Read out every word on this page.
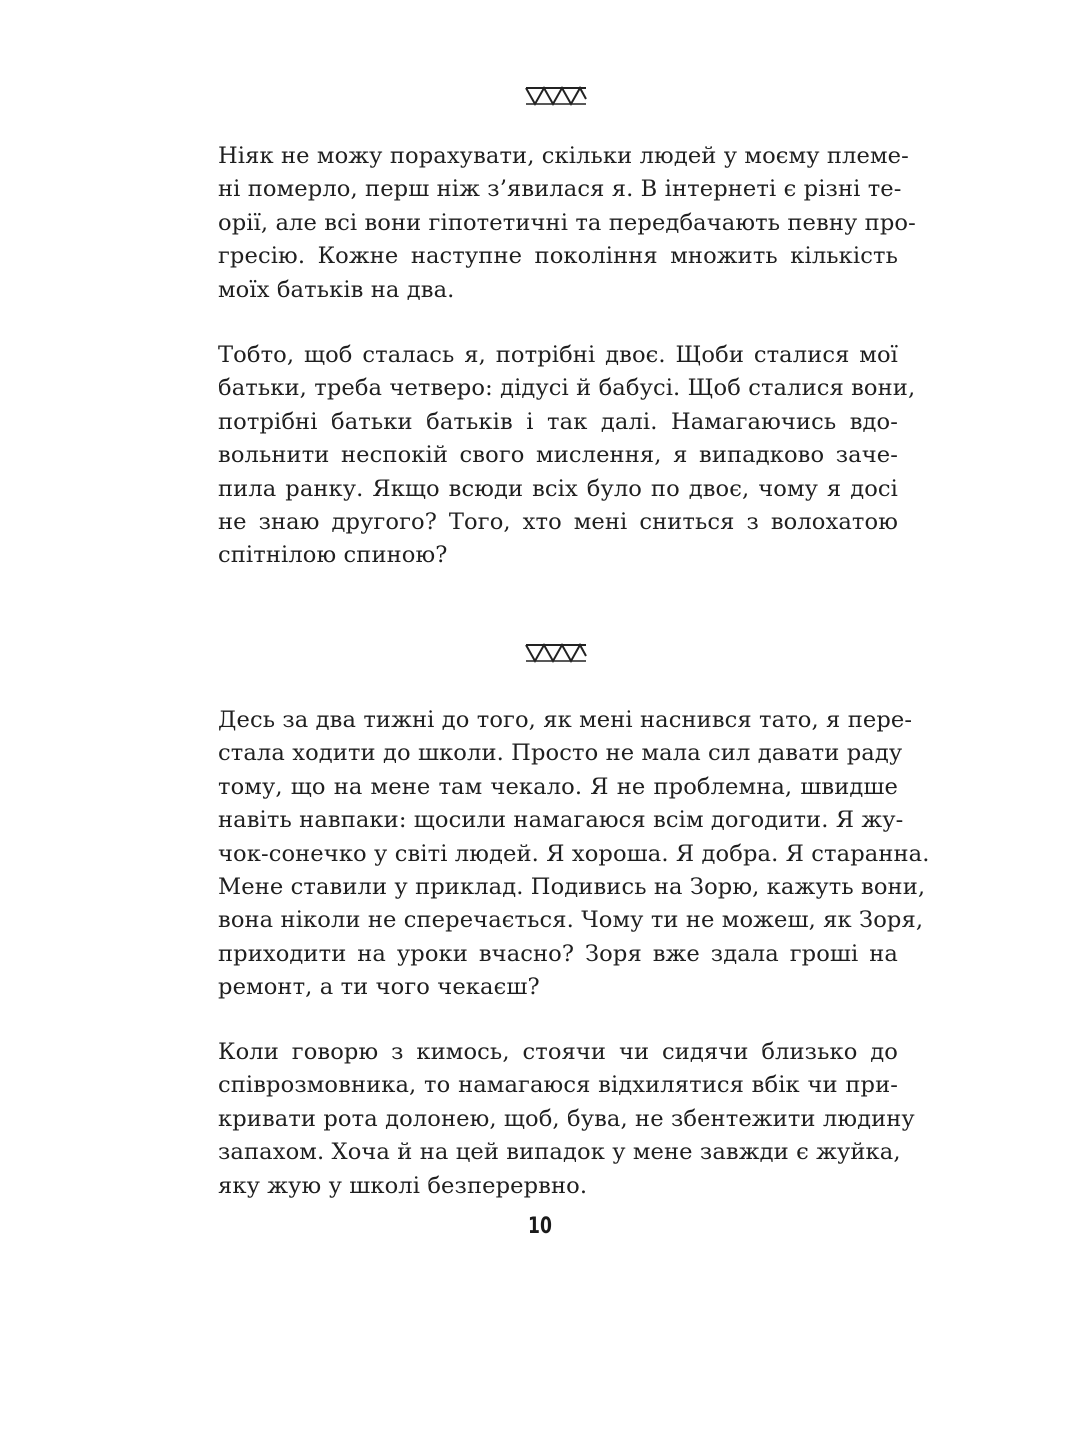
Ніяк не можу порахувати, скільки людей у моєму племе-
ні померло, перш ніж з’явилася я. В інтернеті є різні те-
орії, але всі вони гіпотетичні та передбачають певну про-
гресію. Кожне наступне покоління множить кількість
моїх батьків на два.

Тобто, щоб сталась я, потрібні двоє. Щоби сталися мої
батьки, треба четверо: дідусі й бабусі. Щоб сталися вони,
потрібні батьки батьків і так далі. Намагаючись вдо-
вольнити неспокій свого мислення, я випадково заче-
пила ранку. Якщо всюди всіх було по двоє, чому я досі
не знаю другого? Того, хто мені сниться з волохатою
спітнілою спиною?

Десь за два тижні до того, як мені наснився тато, я пере-
стала ходити до школи. Просто не мала сил давати раду
тому, що на мене там чекало. Я не проблемна, швидше
навіть навпаки: щосили намагаюся всім догодити. Я жу-
чок-сонечко у світі людей. Я хороша. Я добра. Я старанна.
Мене ставили у приклад. Подивись на Зорю, кажуть вони,
вона ніколи не сперечається. Чому ти не можеш, як Зоря,
приходити на уроки вчасно? Зоря вже здала гроші на
ремонт, а ти чого чекаєш?

Коли говорю з кимось, стоячи чи сидячи близько до
співрозмовника, то намагаюся відхилятися вбік чи при-
кривати рота долонею, щоб, бува, не збентежити людину
запахом. Хоча й на цей випадок у мене завжди є жуйка,
яку жую у школі безперервно.

10
